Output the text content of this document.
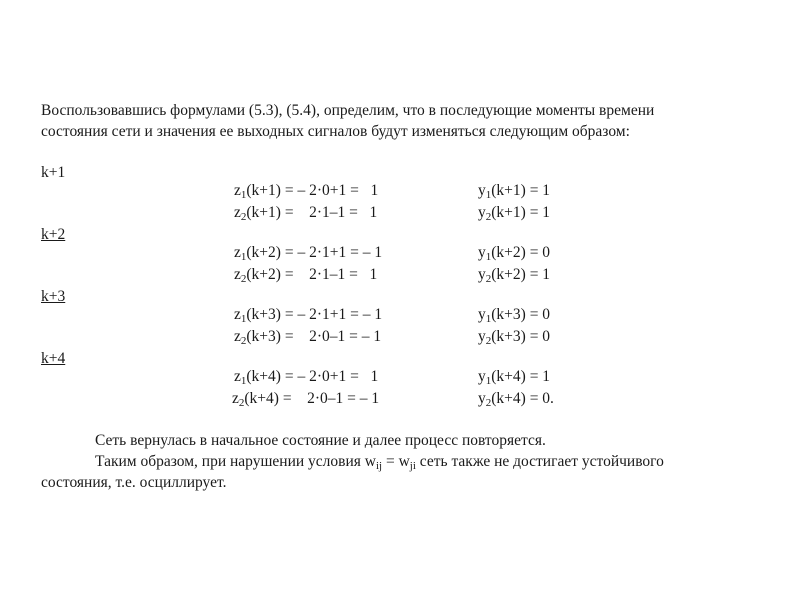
Воспользовавшись формулами (5.3), (5.4), определим, что в последующие моменты времени
состояния сети и значения ее выходных сигналов будут изменяться следующим образом:
k+1
$z_1(k+1)$ = – 2·0+1 =   1	$y_1(k+1) = 1$
$z_2(k+1)$ =    2·1–1 =   1	$y_2(k+1) = 1$
k+2
$z_1(k+2)$ = – 2·1+1 = – 1	$y_1(k+2) = 0$
$z_2(k+2)$ =    2·1–1 =   1	$y_2(k+2) = 1$
k+3
$z_1(k+3)$ = – 2·1+1 = – 1	$y_1(k+3) = 0$
$z_2(k+3)$ =    2·0–1 = – 1	$y_2(k+3) = 0$
k+4
$z_1(k+4)$ = – 2·0+1 =   1	$y_1(k+4) = 1$
$z_2(k+4)$ =    2·0–1 = – 1	$y_2(k+4) = 0$.
Сеть вернулась в начальное состояние и далее процесс повторяется.
Таким образом, при нарушении условия $w_{ij} = w_{ji}$ сеть также не достигает устойчивого
состояния, т.е. осциллирует.
